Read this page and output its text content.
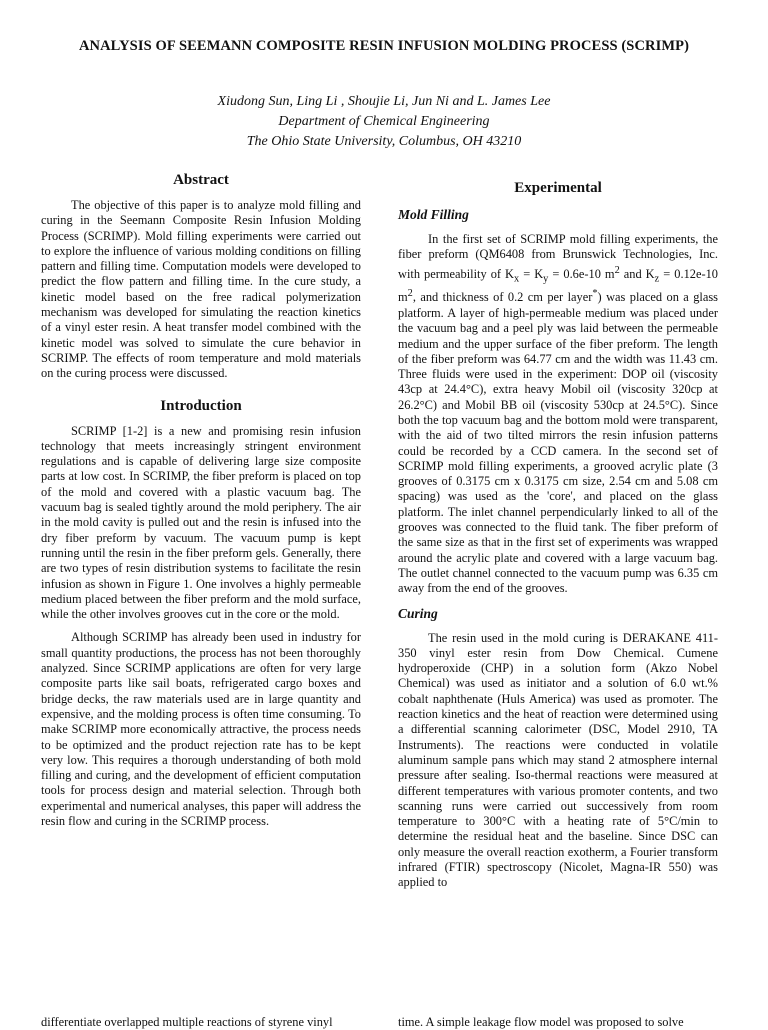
ANALYSIS OF SEEMANN COMPOSITE RESIN INFUSION MOLDING PROCESS (SCRIMP)
Xiudong Sun, Ling Li , Shoujie Li, Jun Ni and L. James Lee
Department of Chemical Engineering
The Ohio State University, Columbus, OH 43210
Abstract

The objective of this paper is to analyze mold filling and curing in the Seemann Composite Resin Infusion Molding Process (SCRIMP). Mold filling experiments were carried out to explore the influence of various molding conditions on filling pattern and filling time. Computation models were developed to predict the flow pattern and filling time. In the cure study, a kinetic model based on the free radical polymerization mechanism was developed for simulating the reaction kinetics of a vinyl ester resin. A heat transfer model combined with the kinetic model was solved to simulate the cure behavior in SCRIMP. The effects of room temperature and mold materials on the curing process were discussed.

Introduction

SCRIMP [1-2] is a new and promising resin infusion technology that meets increasingly stringent environment regulations and is capable of delivering large size composite parts at low cost. In SCRIMP, the fiber preform is placed on top of the mold and covered with a plastic vacuum bag. The vacuum bag is sealed tightly around the mold periphery. The air in the mold cavity is pulled out and the resin is infused into the dry fiber preform by vacuum. The vacuum pump is kept running until the resin in the fiber preform gels. Generally, there are two types of resin distribution systems to facilitate the resin infusion as shown in Figure 1. One involves a highly permeable medium placed between the fiber preform and the mold surface, while the other involves grooves cut in the core or the mold.

Although SCRIMP has already been used in industry for small quantity productions, the process has not been thoroughly analyzed. Since SCRIMP applications are often for very large composite parts like sail boats, refrigerated cargo boxes and bridge decks, the raw materials used are in large quantity and expensive, and the molding process is often time consuming. To make SCRIMP more economically attractive, the process needs to be optimized and the product rejection rate has to be kept very low. This requires a thorough understanding of both mold filling and curing, and the development of efficient computation tools for process design and material selection. Through both experimental and numerical analyses, this paper will address the resin flow and curing in the SCRIMP process.

Experimental
Mold Filling

In the first set of SCRIMP mold filling experiments, the fiber preform (QM6408 from Brunswick Technologies, Inc. with permeability of $K_x = K_y = 0.6e-10$ $m^2$ and $K_z = 0.12e-10$ $m^2$, and thickness of 0.2 cm per layer*) was placed on a glass platform. A layer of high-permeable medium was placed under the vacuum bag and a peel ply was laid between the permeable medium and the upper surface of the fiber preform. The length of the fiber preform was 64.77 cm and the width was 11.43 cm. Three fluids were used in the experiment: DOP oil (viscosity 43cp at 24.4°C), extra heavy Mobil oil (viscosity 320cp at 26.2°C) and Mobil BB oil (viscosity 530cp at 24.5°C). Since both the top vacuum bag and the bottom mold were transparent, with the aid of two tilted mirrors the resin infusion patterns could be recorded by a CCD camera. In the second set of SCRIMP mold filling experiments, a grooved acrylic plate (3 grooves of 0.3175 cm x 0.3175 cm size, 2.54 cm and 5.08 cm spacing) was used as the 'core', and placed on the glass platform. The inlet channel perpendicularly linked to all of the grooves was connected to the fluid tank. The fiber preform of the same size as that in the first set of experiments was wrapped around the acrylic plate and covered with a large vacuum bag. The outlet channel connected to the vacuum pump was 6.35 cm away from the end of the grooves.

Curing

The resin used in the mold curing is DERAKANE 411-350 vinyl ester resin from Dow Chemical. Cumene hydroperoxide (CHP) in a solution form (Akzo Nobel Chemical) was used as initiator and a solution of 6.0 wt.% cobalt naphthenate (Huls America) was used as promoter. The reaction kinetics and the heat of reaction were determined using a differential scanning calorimeter (DSC, Model 2910, TA Instruments). The reactions were conducted in volatile aluminum sample pans which may stand 2 atmosphere internal pressure after sealing. Iso-thermal reactions were measured at different temperatures with various promoter contents, and two scanning runs were carried out successively from room temperature to 300°C with a heating rate of 5°C/min to determine the residual heat and the baseline. Since DSC can only measure the overall reaction exotherm, a Fourier transform infrared (FTIR) spectroscopy (Nicolet, Magna-IR 550) was applied to

differentiate overlapped multiple reactions of styrene vinyl	time. A simple leakage flow model was proposed to solve
